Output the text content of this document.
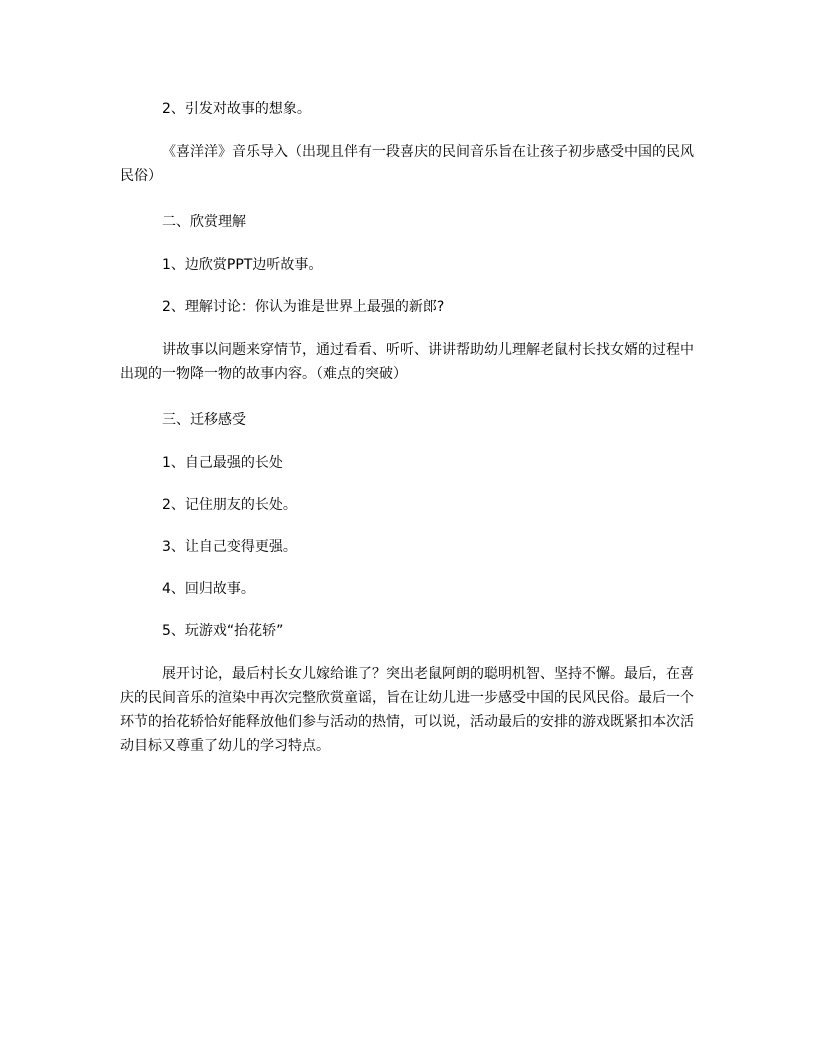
2、引发对故事的想象。

《喜洋洋》音乐导入（出现且伴有一段喜庆的民间音乐旨在让孩子初步感受中国的民风民俗）

二、欣赏理解

1、边欣赏PPT边听故事。

2、理解讨论：你认为谁是世界上最强的新郎?

讲故事以问题来穿情节，通过看看、听听、讲讲帮助幼儿理解老鼠村长找女婿的过程中出现的一物降一物的故事内容。（难点的突破）

三、迁移感受

1、自己最强的长处

2、记住朋友的长处。

3、让自己变得更强。

4、回归故事。

5、玩游戏“抬花轿”

展开讨论，最后村长女儿嫁给谁了？突出老鼠阿朗的聪明机智、坚持不懈。最后，在喜庆的民间音乐的渲染中再次完整欣赏童谣，旨在让幼儿进一步感受中国的民风民俗。最后一个环节的抬花轿恰好能释放他们参与活动的热情，可以说，活动最后的安排的游戏既紧扣本次活动目标又尊重了幼儿的学习特点。
